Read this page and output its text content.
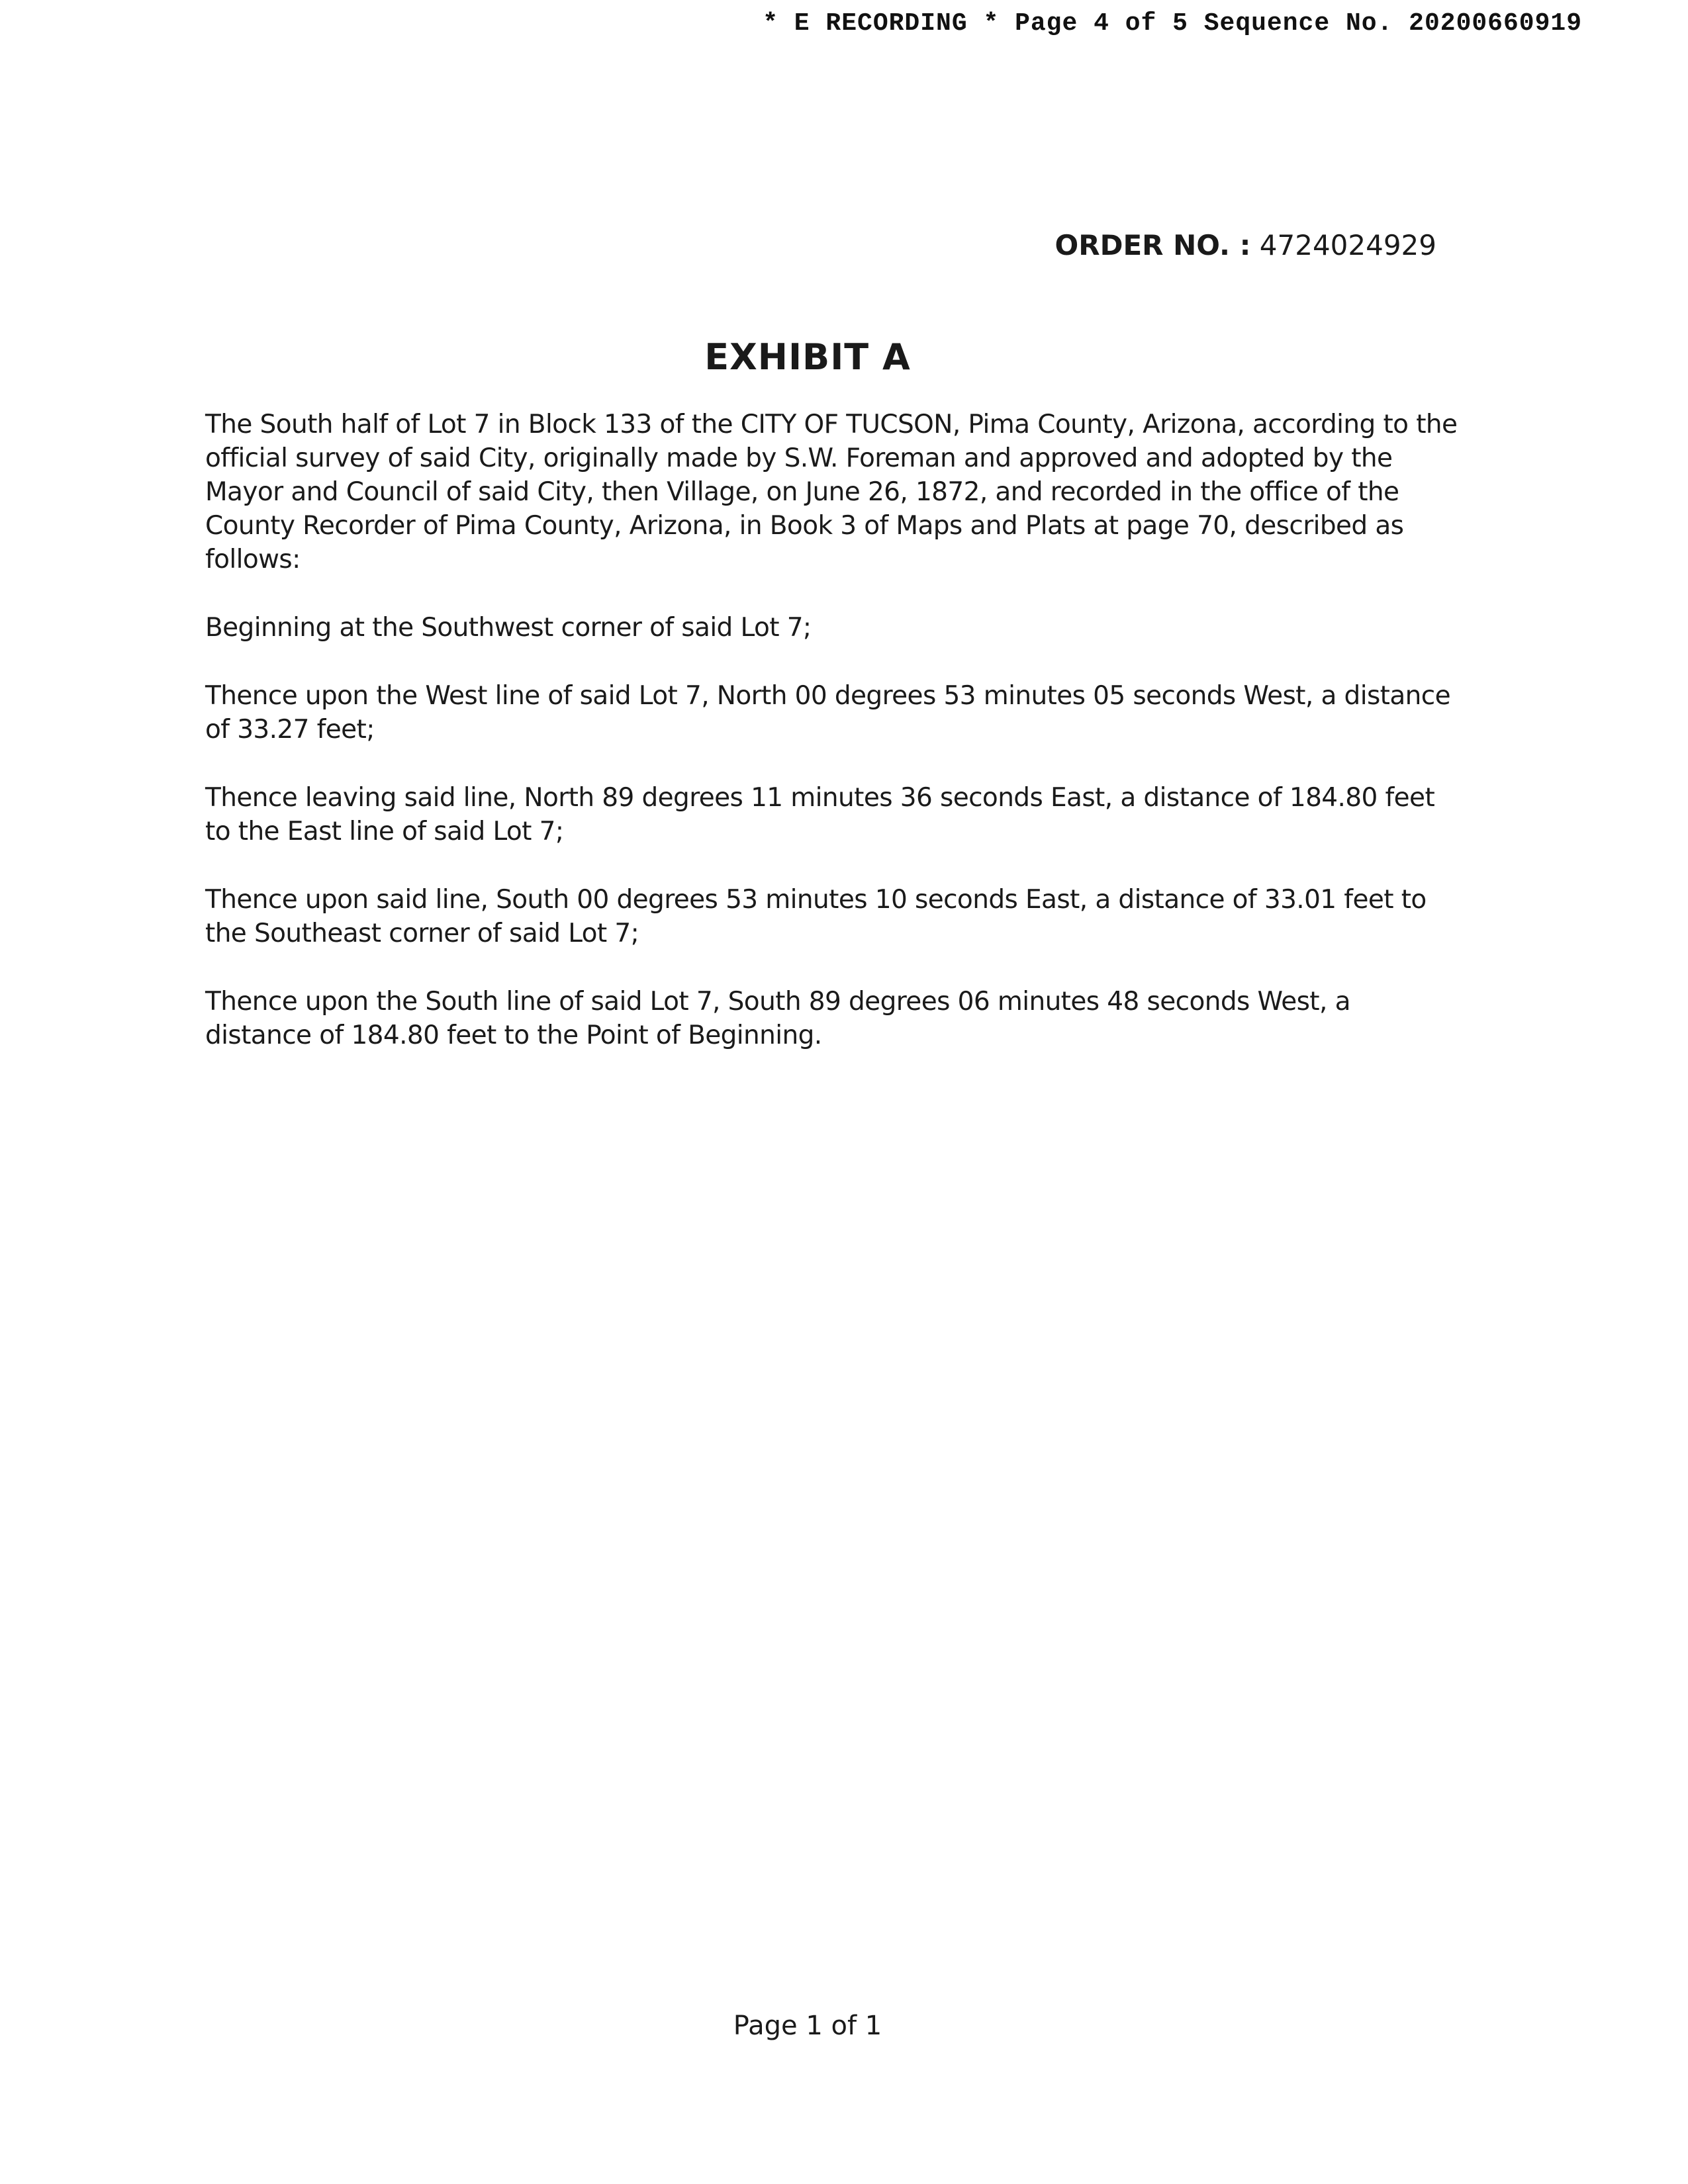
* E RECORDING * Page 4 of 5 Sequence No. 20200660919
ORDER NO. : 4724024929
EXHIBIT A

The South half of Lot 7 in Block 133 of the CITY OF TUCSON, Pima County, Arizona, according to the official survey of said City, originally made by S.W. Foreman and approved and adopted by the Mayor and Council of said City, then Village, on June 26, 1872, and recorded in the office of the County Recorder of Pima County, Arizona, in Book 3 of Maps and Plats at page 70, described as follows:

Beginning at the Southwest corner of said Lot 7;

Thence upon the West line of said Lot 7, North 00 degrees 53 minutes 05 seconds West, a distance of 33.27 feet;

Thence leaving said line, North 89 degrees 11 minutes 36 seconds East, a distance of 184.80 feet to the East line of said Lot 7;

Thence upon said line, South 00 degrees 53 minutes 10 seconds East, a distance of 33.01 feet to the Southeast corner of said Lot 7;

Thence upon the South line of said Lot 7, South 89 degrees 06 minutes 48 seconds West, a distance of 184.80 feet to the Point of Beginning.

Page 1 of 1
